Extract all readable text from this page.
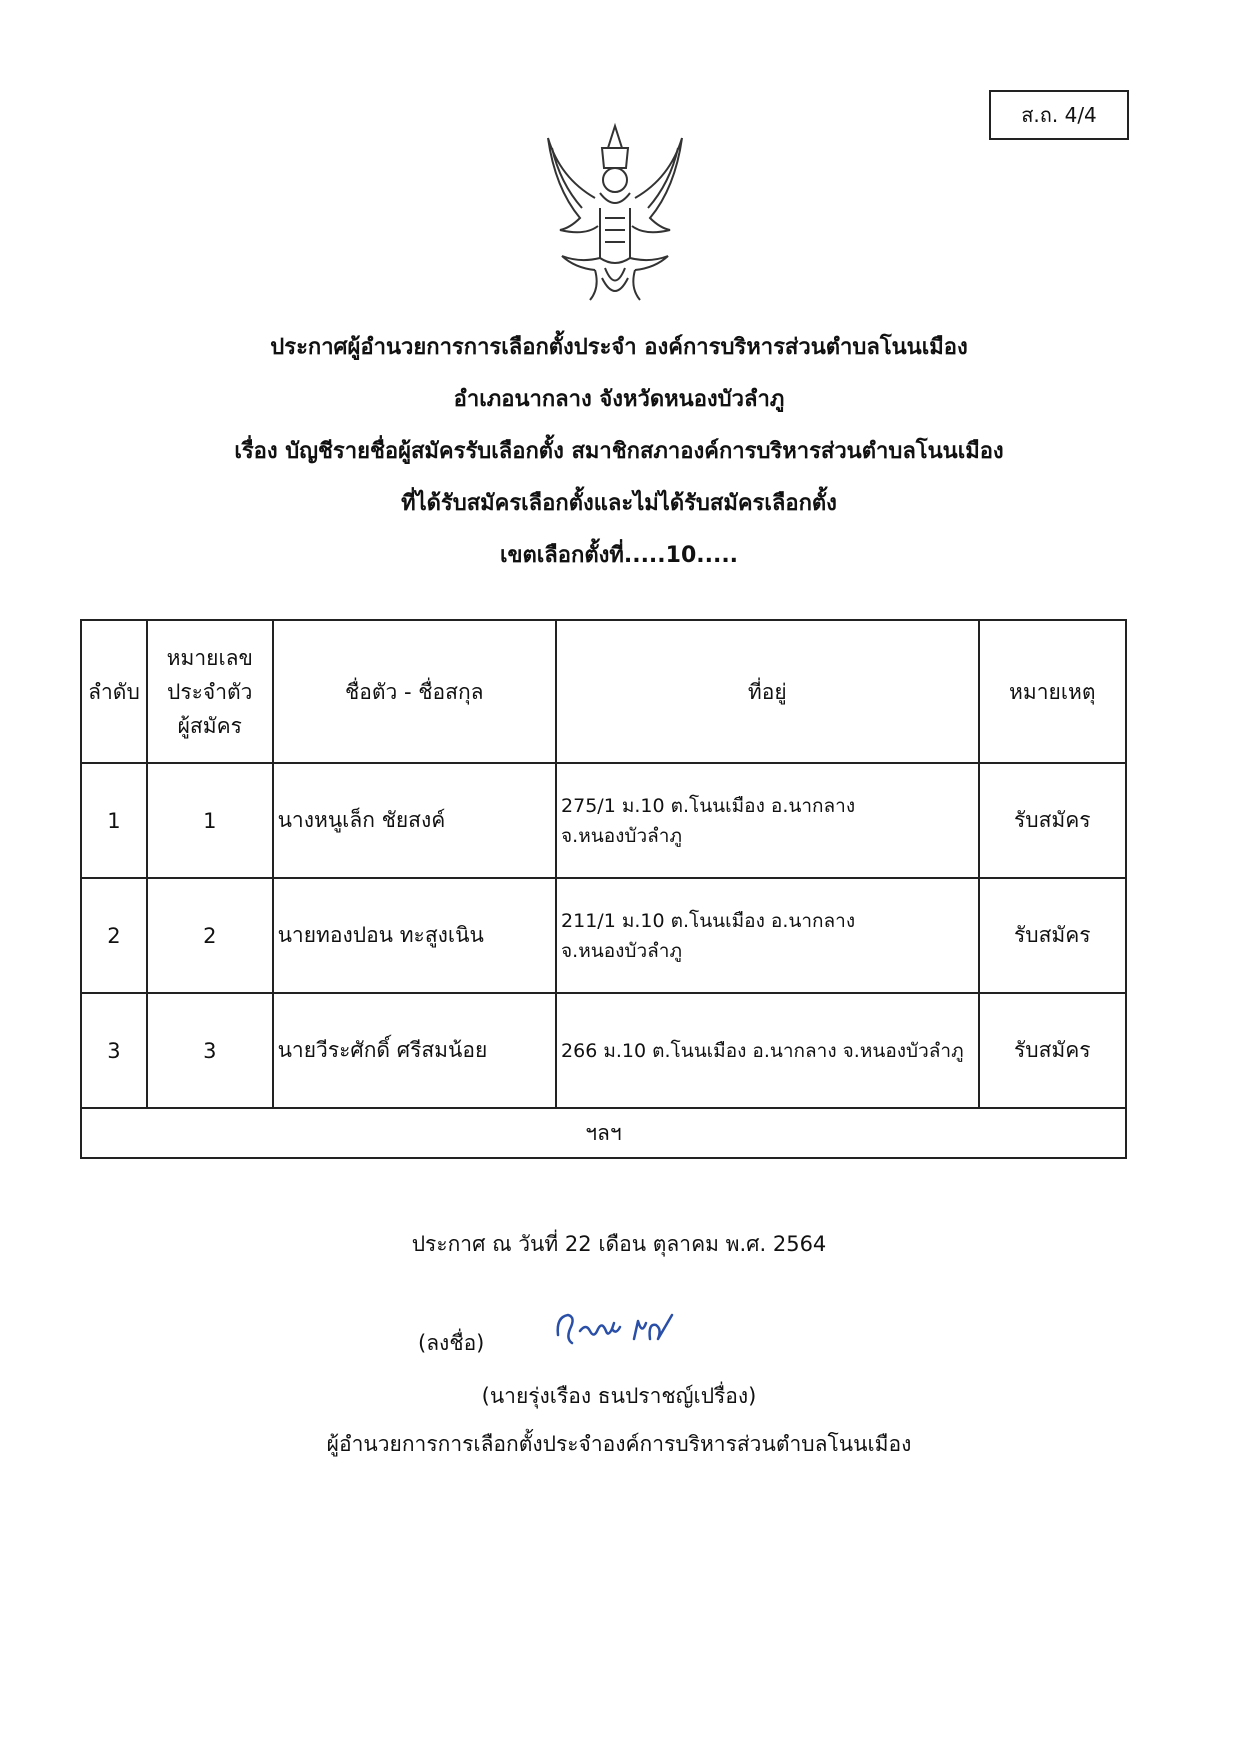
ส.ถ. 4/4
ประกาศผู้อำนวยการการเลือกตั้งประจำ องค์การบริหารส่วนตำบลโนนเมือง
อำเภอนากลาง จังหวัดหนองบัวลำภู
เรื่อง บัญชีรายชื่อผู้สมัครรับเลือกตั้ง สมาชิกสภาองค์การบริหารส่วนตำบลโนนเมือง
ที่ได้รับสมัครเลือกตั้งและไม่ได้รับสมัครเลือกตั้ง
เขตเลือกตั้งที่.....10.....
ลำดับ	หมายเลข
ประจำตัว
ผู้สมัคร	ชื่อตัว - ชื่อสกุล	ที่อยู่	หมายเหตุ
1	1	นางหนูเล็ก ชัยสงค์	275/1 ม.10 ต.โนนเมือง อ.นากลาง จ.หนองบัวลำภู	รับสมัคร
2	2	นายทองปอน ทะสูงเนิน	211/1 ม.10 ต.โนนเมือง อ.นากลาง จ.หนองบัวลำภู	รับสมัคร
3	3	นายวีระศักดิ์ ศรีสมน้อย	266 ม.10 ต.โนนเมือง อ.นากลาง จ.หนองบัวลำภู	รับสมัคร
ฯลฯ				
ประกาศ ณ วันที่ 22 เดือน ตุลาคม พ.ศ. 2564
(ลงชื่อ)
(นายรุ่งเรือง ธนปราชญ์เปรื่อง)
ผู้อำนวยการการเลือกตั้งประจำองค์การบริหารส่วนตำบลโนนเมือง
